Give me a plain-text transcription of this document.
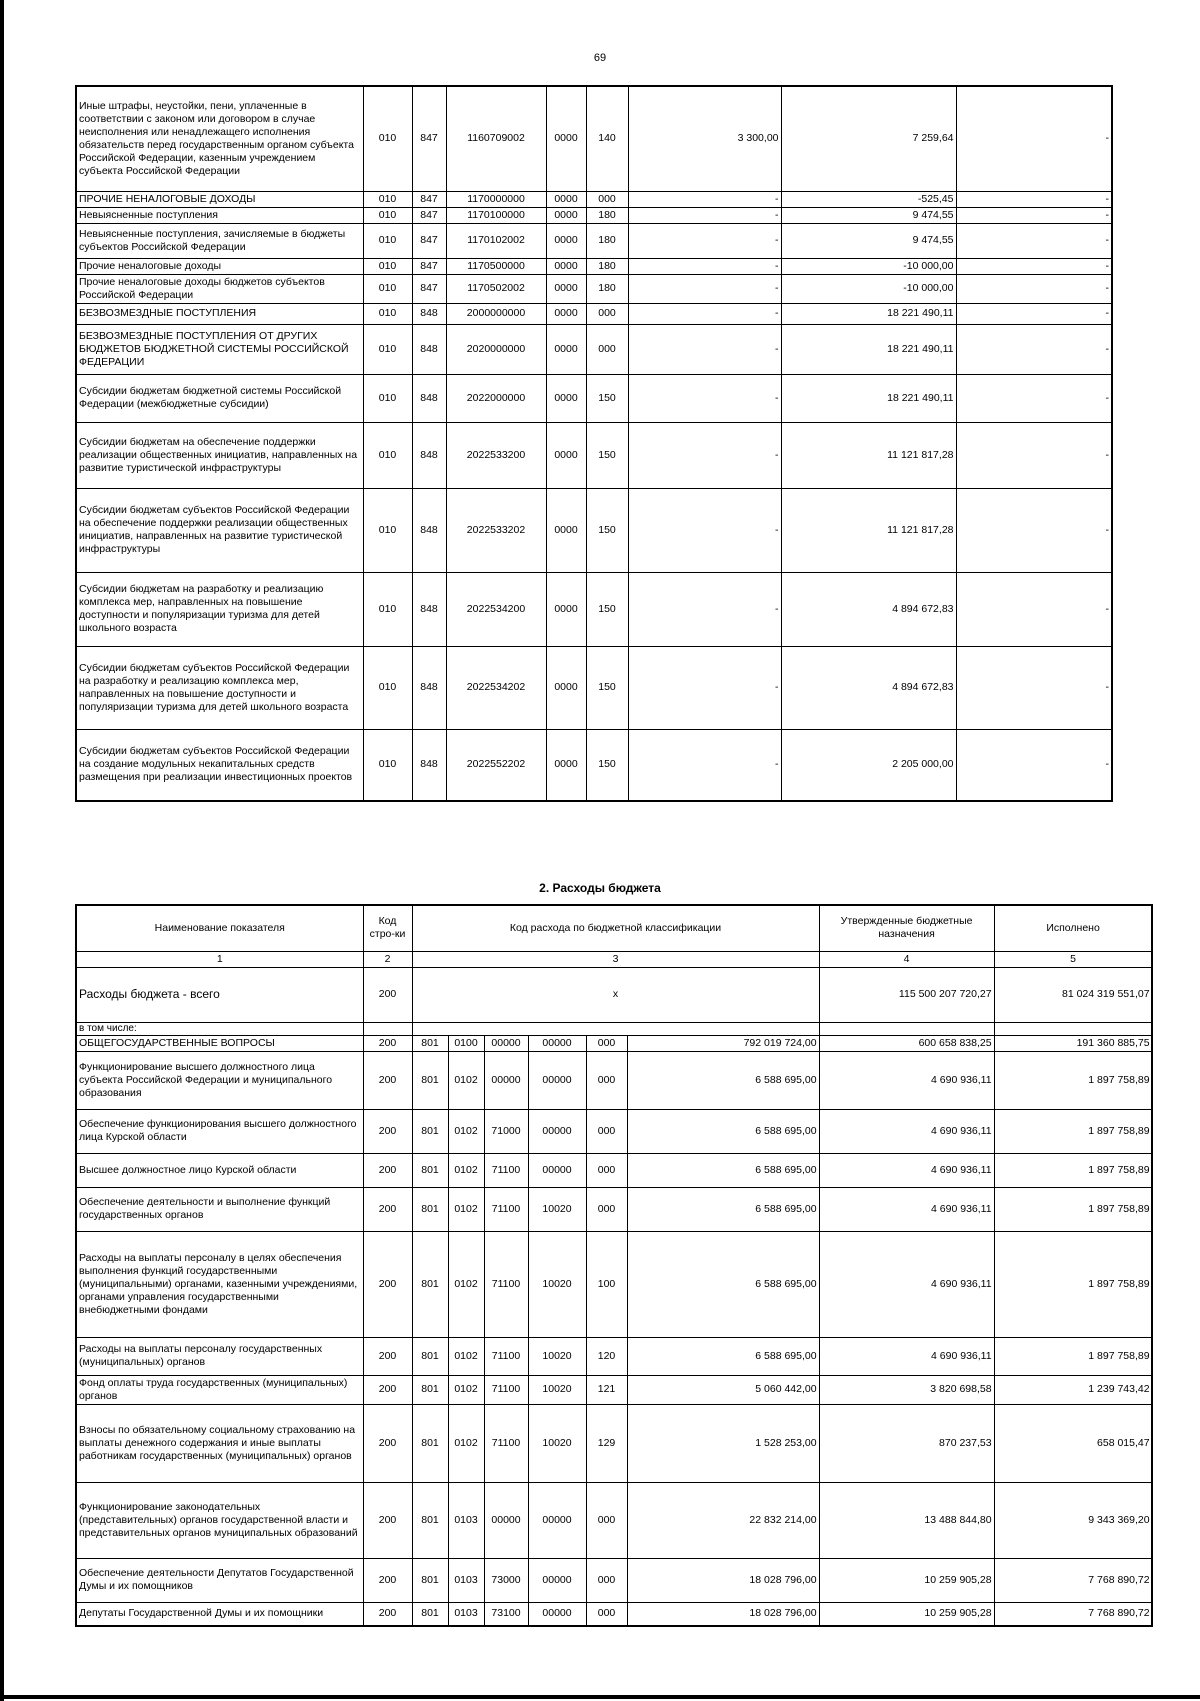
69
Иные штрафы, неустойки, пени, уплаченные в соответствии с законом или договором в случае неисполнения или ненадлежащего исполнения обязательств перед государственным органом субъекта Российской Федерации, казенным учреждением субъекта Российской Федерации	010	847	1160709002	0000	140	3 300,00	7 259,64	-
ПРОЧИЕ НЕНАЛОГОВЫЕ ДОХОДЫ	010	847	1170000000	0000	000	-	-525,45	-
Невыясненные поступления	010	847	1170100000	0000	180	-	9 474,55	-
Невыясненные поступления, зачисляемые в бюджеты субъектов Российской Федерации	010	847	1170102002	0000	180	-	9 474,55	-
Прочие неналоговые доходы	010	847	1170500000	0000	180	-	-10 000,00	-
Прочие неналоговые доходы бюджетов субъектов Российской Федерации	010	847	1170502002	0000	180	-	-10 000,00	-
БЕЗВОЗМЕЗДНЫЕ ПОСТУПЛЕНИЯ	010	848	2000000000	0000	000	-	18 221 490,11	-
БЕЗВОЗМЕЗДНЫЕ ПОСТУПЛЕНИЯ ОТ ДРУГИХ БЮДЖЕТОВ БЮДЖЕТНОЙ СИСТЕМЫ РОССИЙСКОЙ ФЕДЕРАЦИИ	010	848	2020000000	0000	000	-	18 221 490,11	-
Субсидии бюджетам бюджетной системы Российской Федерации (межбюджетные субсидии)	010	848	2022000000	0000	150	-	18 221 490,11	-
Субсидии бюджетам на обеспечение поддержки реализации общественных инициатив, направленных на развитие туристической инфраструктуры	010	848	2022533200	0000	150	-	11 121 817,28	-
Субсидии бюджетам субъектов Российской Федерации на обеспечение поддержки реализации общественных инициатив, направленных на развитие туристической инфраструктуры	010	848	2022533202	0000	150	-	11 121 817,28	-
Субсидии бюджетам на разработку и реализацию комплекса мер, направленных на повышение доступности и популяризации туризма для детей школьного возраста	010	848	2022534200	0000	150	-	4 894 672,83	-
Субсидии бюджетам субъектов Российской Федерации на разработку и реализацию комплекса мер, направленных на повышение доступности и популяризации туризма для детей школьного возраста	010	848	2022534202	0000	150	-	4 894 672,83	-
Субсидии бюджетам субъектов Российской Федерации на создание модульных некапитальных средств размещения при реализации инвестиционных проектов	010	848	2022552202	0000	150	-	2 205 000,00	-
2. Расходы бюджета
Наименование показателя	Код стро-ки	Код расхода по бюджетной классификации						Утвержденные бюджетные назначения	Исполнено	
1	2	3						4	5	
Расходы бюджета - всего	200	x						115 500 207 720,27	81 024 319 551,07	
в том числе:										
ОБЩЕГОСУДАРСТВЕННЫЕ ВОПРОСЫ	200	801	0100	00000	00000	000	792 019 724,00	600 658 838,25	191 360 885,75	
Функционирование высшего должностного лица субъекта Российской Федерации и муниципального образования	200	801	0102	00000	00000	000	6 588 695,00	4 690 936,11	1 897 758,89	
Обеспечение функционирования высшего должностного лица Курской области	200	801	0102	71000	00000	000	6 588 695,00	4 690 936,11	1 897 758,89	
Высшее должностное лицо Курской области	200	801	0102	71100	00000	000	6 588 695,00	4 690 936,11	1 897 758,89	
Обеспечение деятельности и выполнение функций государственных органов	200	801	0102	71100	10020	000	6 588 695,00	4 690 936,11	1 897 758,89	
Расходы на выплаты персоналу в целях обеспечения выполнения функций государственными (муниципальными) органами, казенными учреждениями, органами управления государственными внебюджетными фондами	200	801	0102	71100	10020	100	6 588 695,00	4 690 936,11	1 897 758,89	
Расходы на выплаты персоналу государственных (муниципальных) органов	200	801	0102	71100	10020	120	6 588 695,00	4 690 936,11	1 897 758,89	
Фонд оплаты труда государственных (муниципальных) органов	200	801	0102	71100	10020	121	5 060 442,00	3 820 698,58	1 239 743,42	
Взносы по обязательному социальному страхованию на выплаты денежного содержания и иные выплаты работникам государственных (муниципальных) органов	200	801	0102	71100	10020	129	1 528 253,00	870 237,53	658 015,47	
Функционирование законодательных (представительных) органов государственной власти и представительных органов муниципальных образований	200	801	0103	00000	00000	000	22 832 214,00	13 488 844,80	9 343 369,20	
Обеспечение деятельности Депутатов Государственной Думы и их помощников	200	801	0103	73000	00000	000	18 028 796,00	10 259 905,28	7 768 890,72	
Депутаты Государственной Думы и их помощники	200	801	0103	73100	00000	000	18 028 796,00	10 259 905,28	7 768 890,72	
